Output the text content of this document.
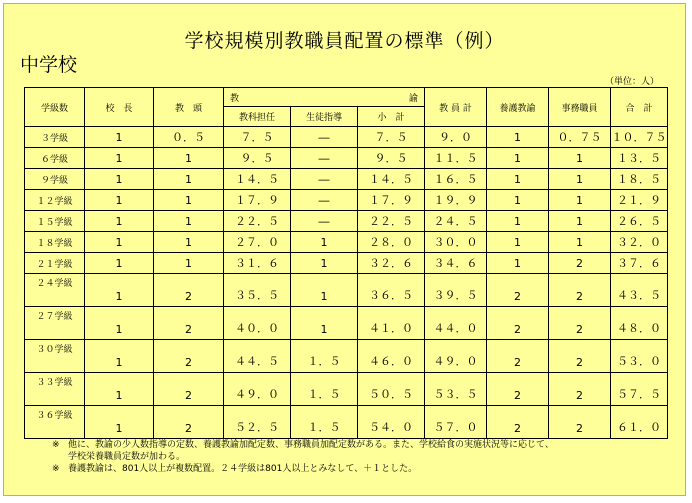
学校規模別教職員配置の標準（例）
中学校
（単位：人）
学級数	校　長	教　頭	教 諭			教 員 計	養護教諭	事務職員	合　計
			教科担任	生徒指導	小　計				
３学級	1	０．５	７．５	―	７．５	９．０	1	０．７５	１０．７５
６学級	1	1	９．５	―	９．５	１１．５	1	1	１３．５
９学級	1	1	１４．５	―	１４．５	１６．５	1	1	１８．５
１２学級	1	1	１７．９	―	１７．９	１９．９	1	1	２１．９
１５学級	1	1	２２．５	―	２２．５	２４．５	1	1	２６．５
１８学級	1	1	２７．０	1	２８．０	３０．０	1	1	３２．０
２１学級	1	1	３１．６	1	３２．６	３４．６	1	2	３７．６
２４学級	1	2	３５．５	1	３６．５	３９．５	2	2	４３．５
２７学級	1	2	４０．０	1	４１．０	４４．０	2	2	４８．０
３０学級	1	2	４４．５	１．５	４６．０	４９．０	2	2	５３．０
３３学級	1	2	４９．０	１．５	５０．５	５３．５	2	2	５７．５
３６学級	1	2	５２．５	１．５	５４．０	５７．０	2	2	６１．０
※ 他に、教諭の少人数指導の定数、養護教諭加配定数、事務職員加配定数がある。また、学校給食の実施状況等に応じて、
学校栄養職員定数が加わる。
※ 養護教諭は、801人以上が複数配置。２４学級は801人以上とみなして、＋１とした。
